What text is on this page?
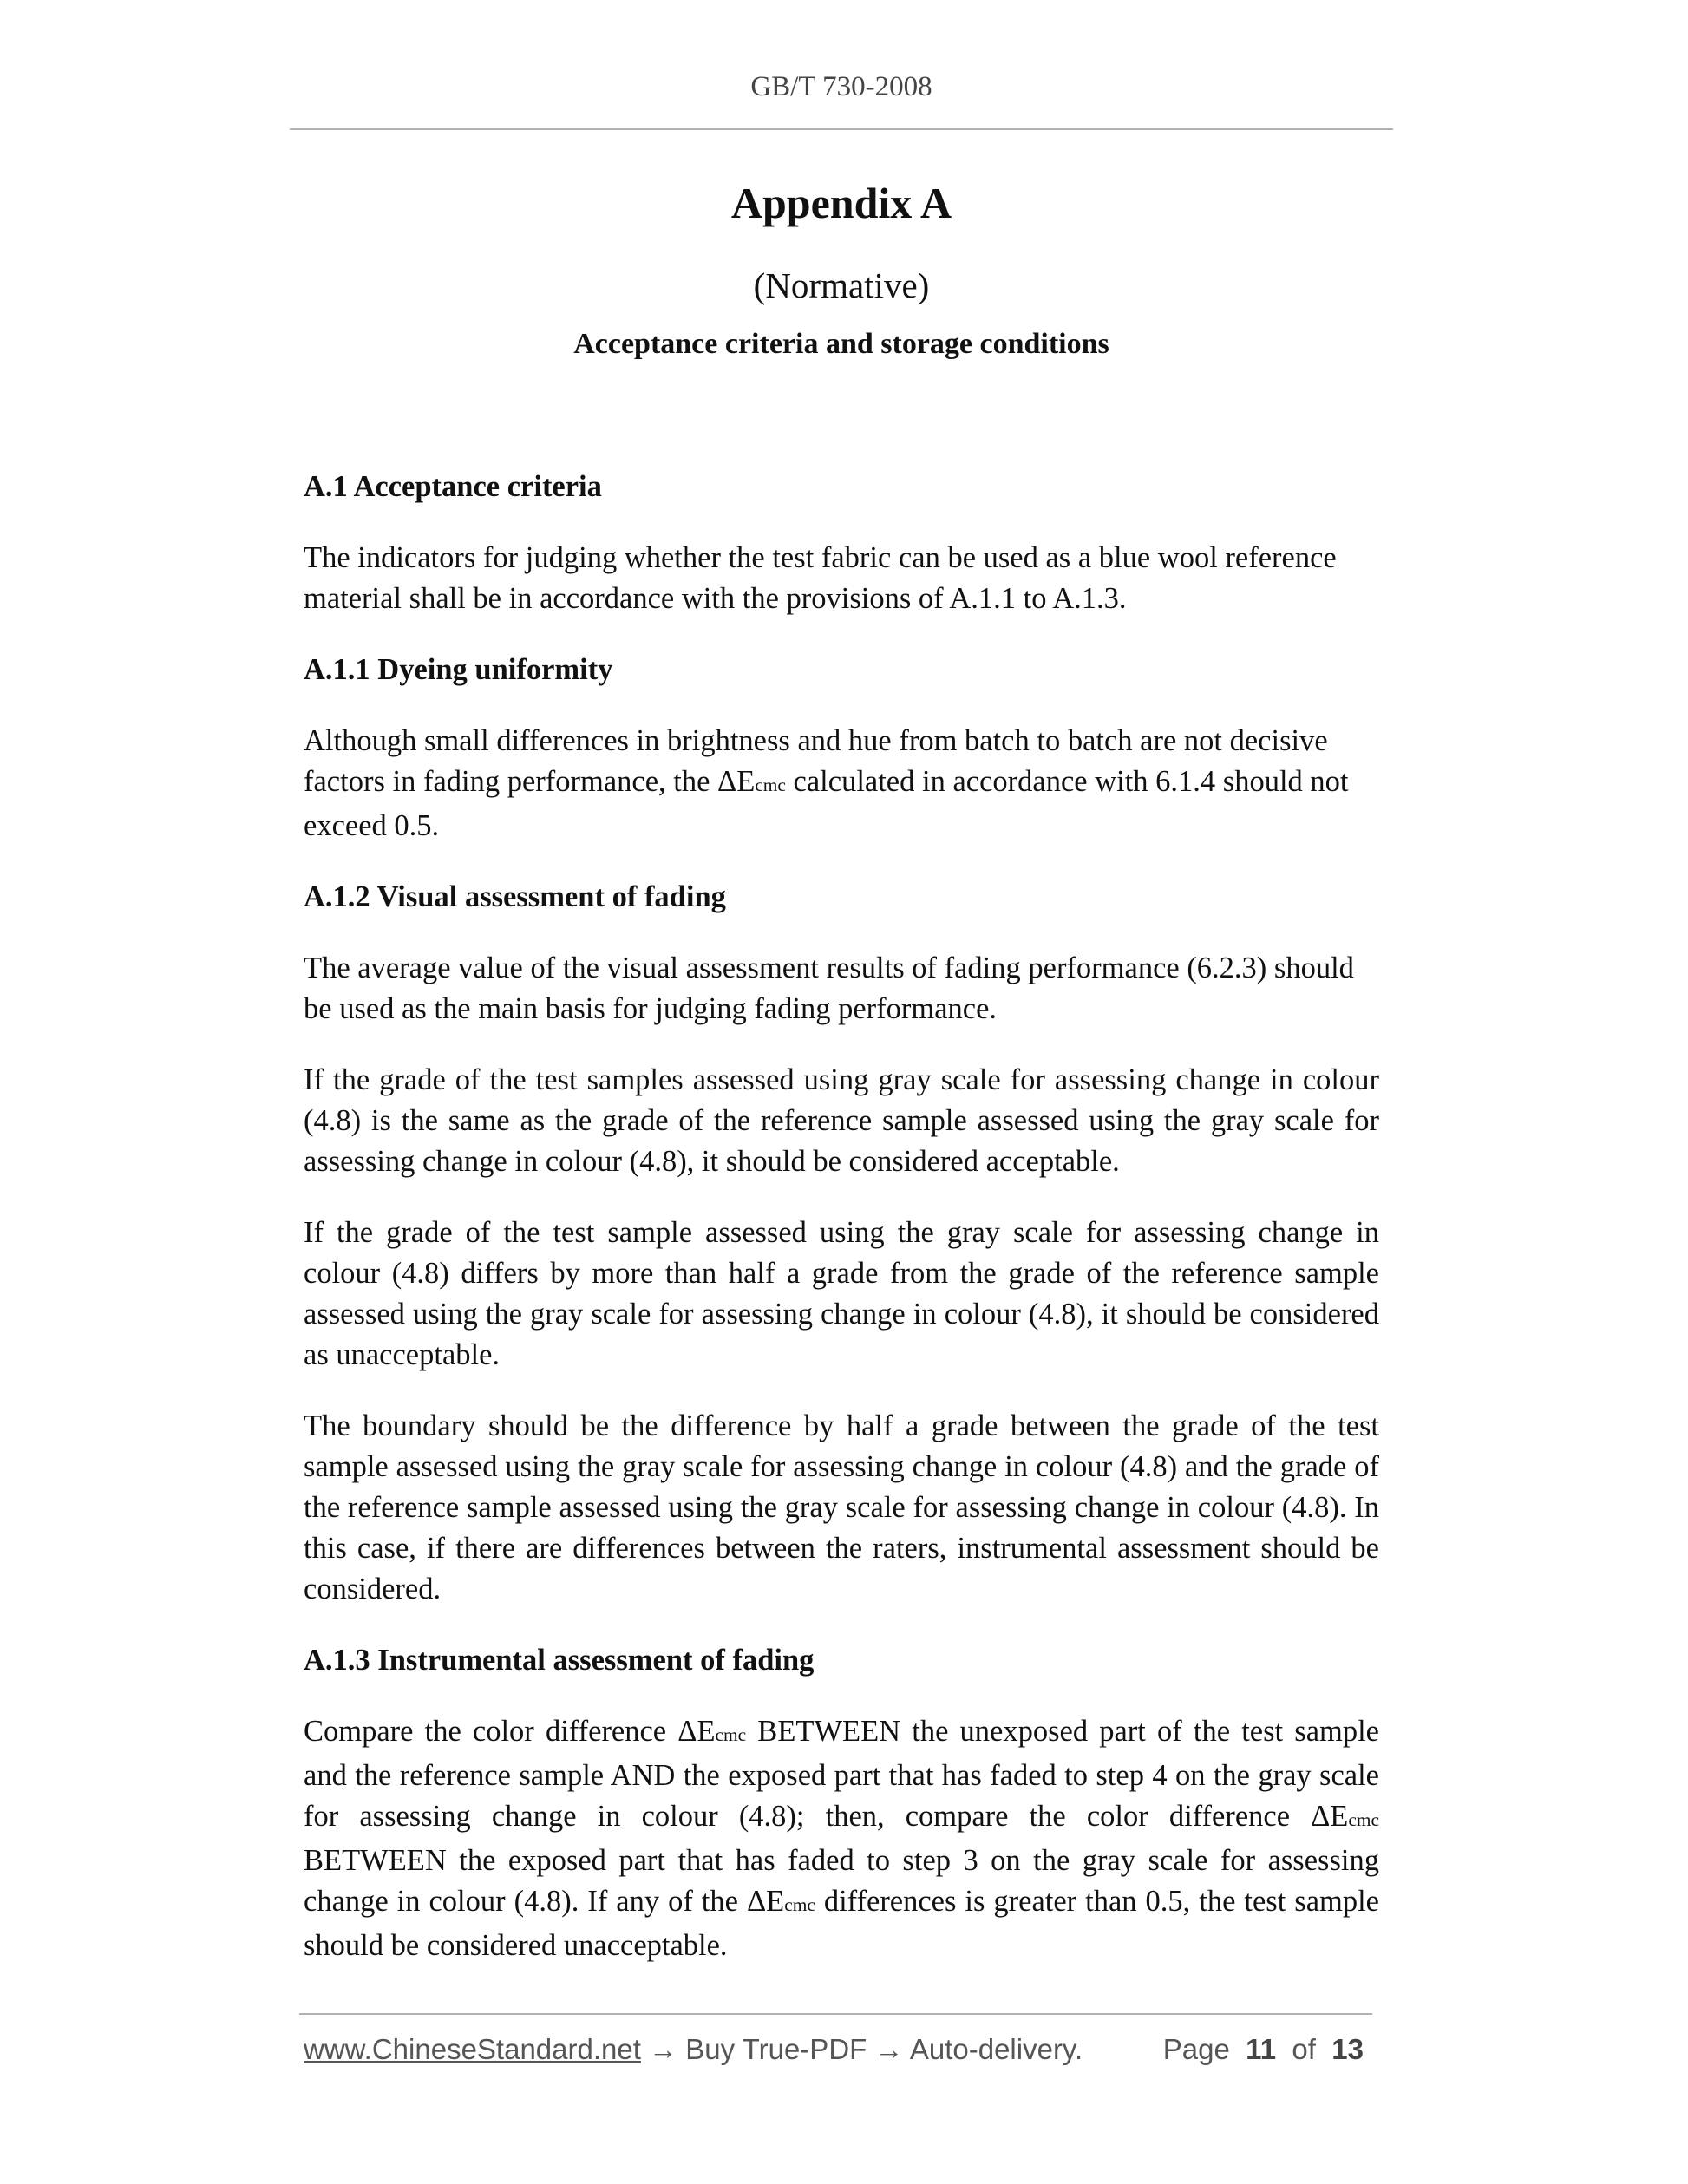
GB/T 730-2008
Appendix A
(Normative)
Acceptance criteria and storage conditions
A.1 Acceptance criteria
The indicators for judging whether the test fabric can be used as a blue wool reference material shall be in accordance with the provisions of A.1.1 to A.1.3.
A.1.1 Dyeing uniformity
Although small differences in brightness and hue from batch to batch are not decisive factors in fading performance, the ΔEcmc calculated in accordance with 6.1.4 should not exceed 0.5.
A.1.2 Visual assessment of fading
The average value of the visual assessment results of fading performance (6.2.3) should be used as the main basis for judging fading performance.
If the grade of the test samples assessed using gray scale for assessing change in colour (4.8) is the same as the grade of the reference sample assessed using the gray scale for assessing change in colour (4.8), it should be considered acceptable.
If the grade of the test sample assessed using the gray scale for assessing change in colour (4.8) differs by more than half a grade from the grade of the reference sample assessed using the gray scale for assessing change in colour (4.8), it should be considered as unacceptable.
The boundary should be the difference by half a grade between the grade of the test sample assessed using the gray scale for assessing change in colour (4.8) and the grade of the reference sample assessed using the gray scale for assessing change in colour (4.8). In this case, if there are differences between the raters, instrumental assessment should be considered.
A.1.3 Instrumental assessment of fading
Compare the color difference ΔEcmc BETWEEN the unexposed part of the test sample and the reference sample AND the exposed part that has faded to step 4 on the gray scale for assessing change in colour (4.8); then, compare the color difference ΔEcmc BETWEEN the exposed part that has faded to step 3 on the gray scale for assessing change in colour (4.8). If any of the ΔEcmc differences is greater than 0.5, the test sample should be considered unacceptable.
www.ChineseStandard.net → Buy True-PDF → Auto-delivery.	Page 11 of 13
